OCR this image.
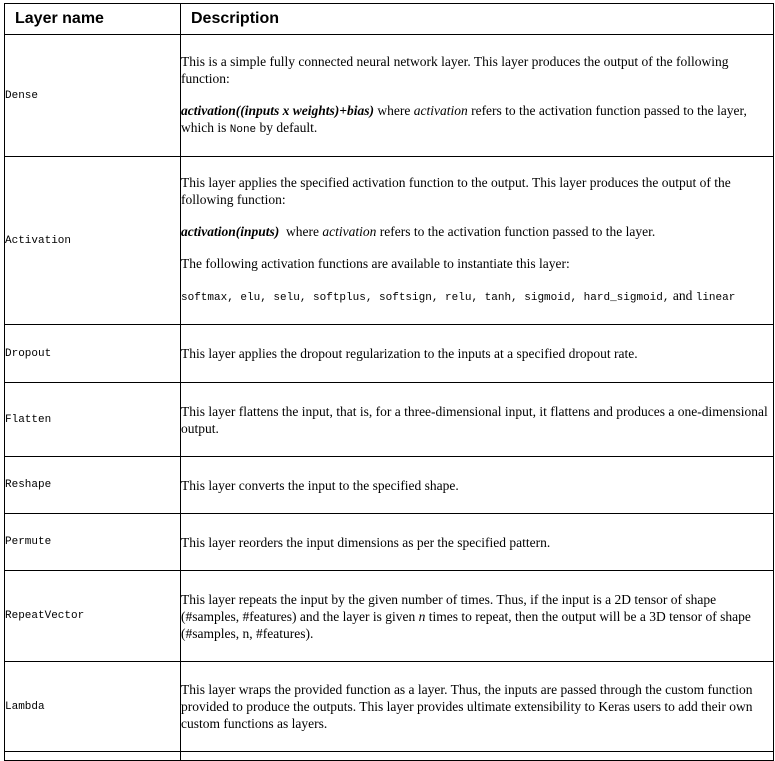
Layer name	Description
Dense	This is a simple fully connected neural network layer. This layer produces the output of the following function:

activation((inputs x weights)+bias) where activation refers to the activation function passed to the layer, which is None by default.

Activation	This layer applies the specified activation function to the output. This layer produces the output of the following function:

activation(inputs)  where activation refers to the activation function passed to the layer.

The following activation functions are available to instantiate this layer:

softmax, elu, selu, softplus, softsign, relu, tanh, sigmoid, hard_sigmoid, and linear

Dropout	This layer applies the dropout regularization to the inputs at a specified dropout rate.
Flatten	This layer flattens the input, that is, for a three-dimensional input, it flattens and produces a one-dimensional output.
Reshape	This layer converts the input to the specified shape.
Permute	This layer reorders the input dimensions as per the specified pattern.
RepeatVector	This layer repeats the input by the given number of times. Thus, if the input is a 2D tensor of shape (#samples, #features) and the layer is given n times to repeat, then the output will be a 3D tensor of shape (#samples, n, #features).
Lambda	This layer wraps the provided function as a layer. Thus, the inputs are passed through the custom function provided to produce the outputs. This layer provides ultimate extensibility to Keras users to add their own custom functions as layers.
